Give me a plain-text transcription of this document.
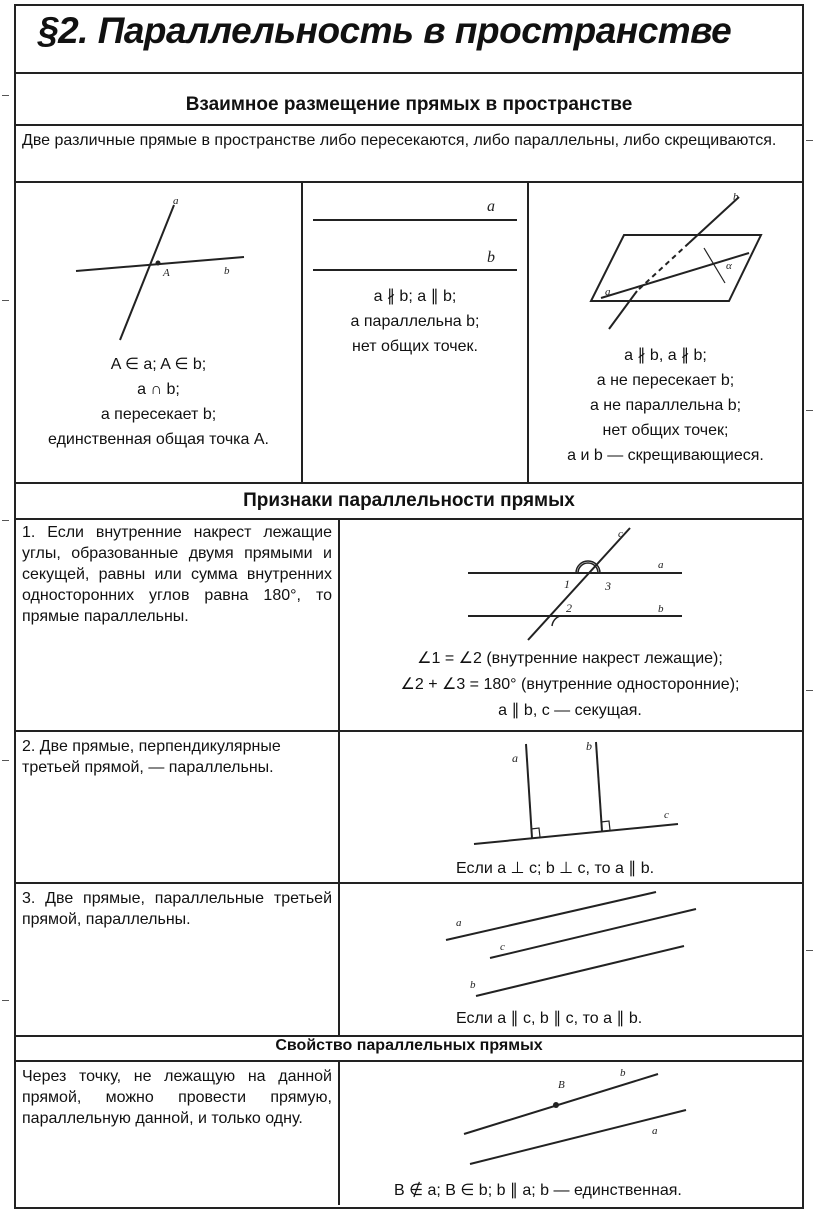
§2. Параллельность в пространстве
Взаимное размещение прямых в пространстве
Две различные прямые в пространстве либо пересекаются, либо параллельны, либо скрещиваются.
a
b
A
A ∈ a; A ∈ b;
a ∩ b;
a пересекает b;
единственная общая точка A.
a
b
a ∦ b; a ∥ b;
a параллельна b;
нет общих точек.
a
b
α
a ∦ b, a ∦ b;
a не пересекает b;
a не параллельна b;
нет общих точек;
a и b — скрещивающиеся.
Признаки параллельности прямых
1. Если внутренние накрест лежащие углы, образованные двумя прямыми и секущей, равны или сумма внутренних односторонних углов равна 180°, то прямые параллельны.
c
a
b
1
2
3
∠1 = ∠2 (внутренние накрест лежащие);
∠2 + ∠3 = 180° (внутренние односторонние);
a ∥ b, c — секущая.
2. Две прямые, перпендикулярные третьей прямой, — параллельны.
a
b
c
Если a ⊥ c; b ⊥ c, то a ∥ b.
3. Две прямые, параллельные третьей прямой, параллельны.	a
c
b
Если a ∥ c, b ∥ c, то a ∥ b.
Свойство параллельных прямых
Через точку, не лежащую на данной прямой, можно провести прямую, параллельную данной, и только одну.
B
b
a
B ∉ a; B ∈ b; b ∥ a; b — единственная.
